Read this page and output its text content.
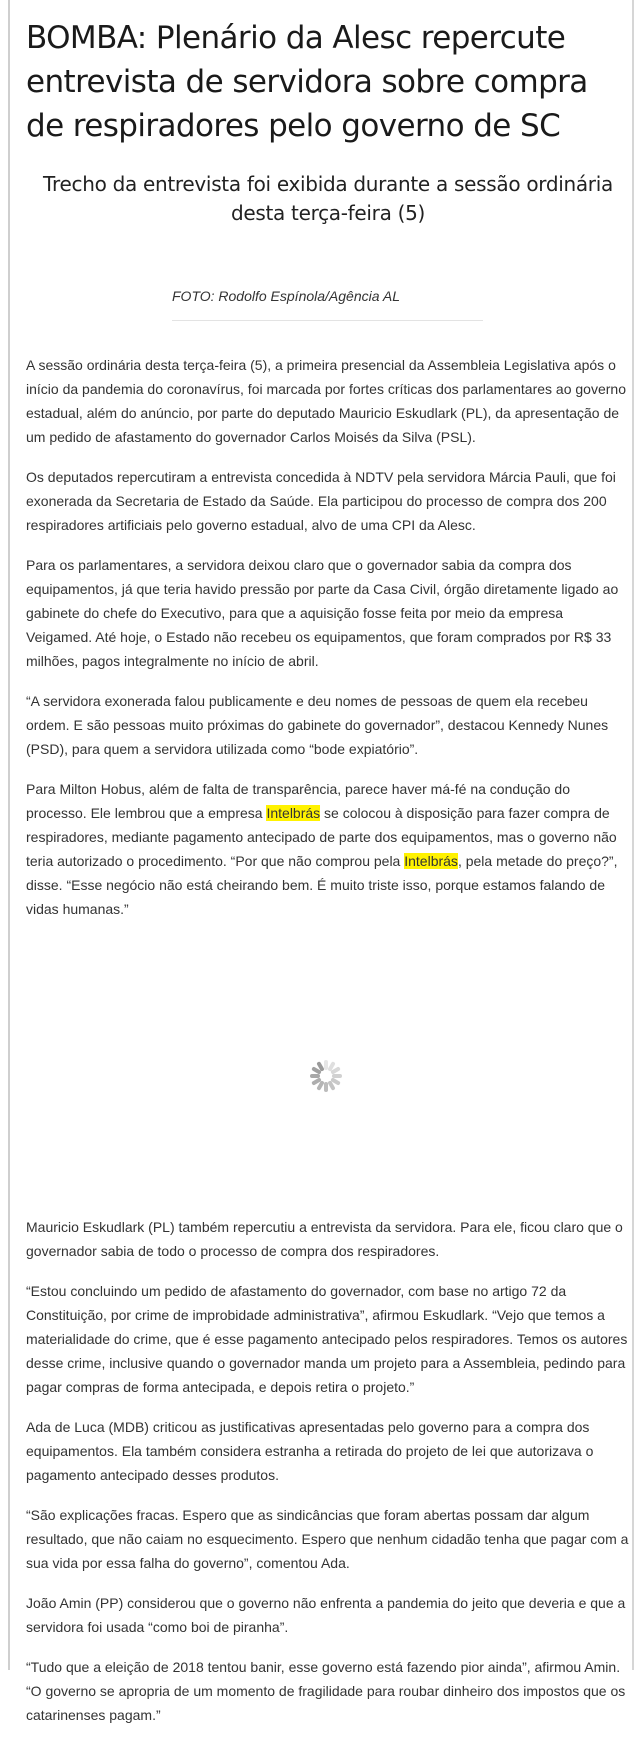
BOMBA: Plenário da Alesc repercute entrevista de servidora sobre compra de respiradores pelo governo de SC
Trecho da entrevista foi exibida durante a sessão ordinária desta terça-feira (5)
FOTO: Rodolfo Espínola/Agência AL

A sessão ordinária desta terça-feira (5), a primeira presencial da Assembleia Legislativa após o início da pandemia do coronavírus, foi marcada por fortes críticas dos parlamentares ao governo estadual, além do anúncio, por parte do deputado Mauricio Eskudlark (PL), da apresentação de um pedido de afastamento do governador Carlos Moisés da Silva (PSL).

Os deputados repercutiram a entrevista concedida à NDTV pela servidora Márcia Pauli, que foi exonerada da Secretaria de Estado da Saúde. Ela participou do processo de compra dos 200 respiradores artificiais pelo governo estadual, alvo de uma CPI da Alesc.

Para os parlamentares, a servidora deixou claro que o governador sabia da compra dos equipamentos, já que teria havido pressão por parte da Casa Civil, órgão diretamente ligado ao gabinete do chefe do Executivo, para que a aquisição fosse feita por meio da empresa Veigamed. Até hoje, o Estado não recebeu os equipamentos, que foram comprados por R$ 33 milhões, pagos integralmente no início de abril.

“A servidora exonerada falou publicamente e deu nomes de pessoas de quem ela recebeu ordem. E são pessoas muito próximas do gabinete do governador”, destacou Kennedy Nunes (PSD), para quem a servidora utilizada como “bode expiatório”.

Para Milton Hobus, além de falta de transparência, parece haver má-fé na condução do processo. Ele lembrou que a empresa Intelbrás se colocou à disposição para fazer compra de respiradores, mediante pagamento antecipado de parte dos equipamentos, mas o governo não teria autorizado o procedimento. “Por que não comprou pela Intelbrás, pela metade do preço?”, disse. “Esse negócio não está cheirando bem. É muito triste isso, porque estamos falando de vidas humanas.”

Mauricio Eskudlark (PL) também repercutiu a entrevista da servidora. Para ele, ficou claro que o governador sabia de todo o processo de compra dos respiradores.

“Estou concluindo um pedido de afastamento do governador, com base no artigo 72 da Constituição, por crime de improbidade administrativa”, afirmou Eskudlark. “Vejo que temos a materialidade do crime, que é esse pagamento antecipado pelos respiradores. Temos os autores desse crime, inclusive quando o governador manda um projeto para a Assembleia, pedindo para pagar compras de forma antecipada, e depois retira o projeto.”

Ada de Luca (MDB) criticou as justificativas apresentadas pelo governo para a compra dos equipamentos. Ela também considera estranha a retirada do projeto de lei que autorizava o pagamento antecipado desses produtos.

“São explicações fracas. Espero que as sindicâncias que foram abertas possam dar algum resultado, que não caiam no esquecimento. Espero que nenhum cidadão tenha que pagar com a sua vida por essa falha do governo”, comentou Ada.

João Amin (PP) considerou que o governo não enfrenta a pandemia do jeito que deveria e que a servidora foi usada “como boi de piranha”.

“Tudo que a eleição de 2018 tentou banir, esse governo está fazendo pior ainda”, afirmou Amin. “O governo se apropria de um momento de fragilidade para roubar dinheiro dos impostos que os catarinenses pagam.”
